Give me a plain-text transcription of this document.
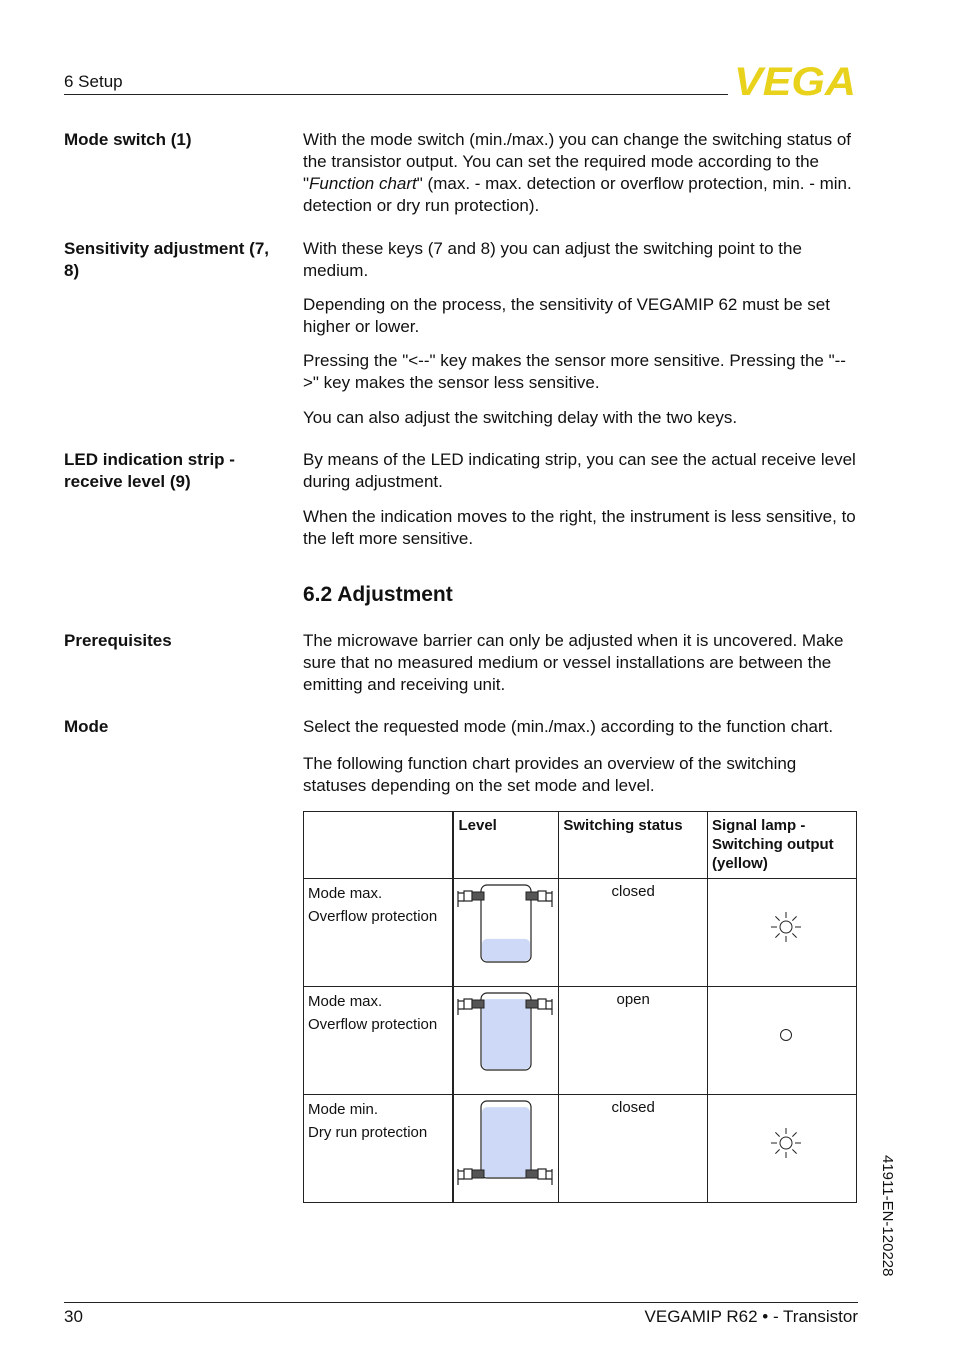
6 Setup	VEGA
Mode switch (1)	With the mode switch (min./max.) you can change the switching status of the transistor output. You can set the required mode according to the "Function chart" (max. - max. detection or overflow protection, min. - min. detection or dry run protection).
Sensitivity adjustment (7, 8)
With these keys (7 and 8) you can adjust the switching point to the medium.
Depending on the process, the sensitivity of VEGAMIP 62 must be set higher or lower.
Pressing the "<--" key makes the sensor more sensitive. Pressing the "-->" key makes the sensor less sensitive.
You can also adjust the switching delay with the two keys.
LED indication strip - receive level (9)
By means of the LED indicating strip, you can see the actual receive level during adjustment.
When the indication moves to the right, the instrument is less sensitive, to the left more sensitive.
6.2 Adjustment
Prerequisites	The microwave barrier can only be adjusted when it is uncovered. Make sure that no measured medium or vessel installations are between the emitting and receiving unit.
Mode	Select the requested mode (min./max.) according to the function chart.
The following function chart provides an overview of the switching statuses depending on the set mode and level.
	Level	Switching status	Signal lamp - Switching output (yellow)

Mode max.
Overflow protection		closed	

Mode max.
Overflow protection		open	

Mode min.
Dry run protection		closed	
41911-EN-120228
30	VEGAMIP R62 • - Transistor
